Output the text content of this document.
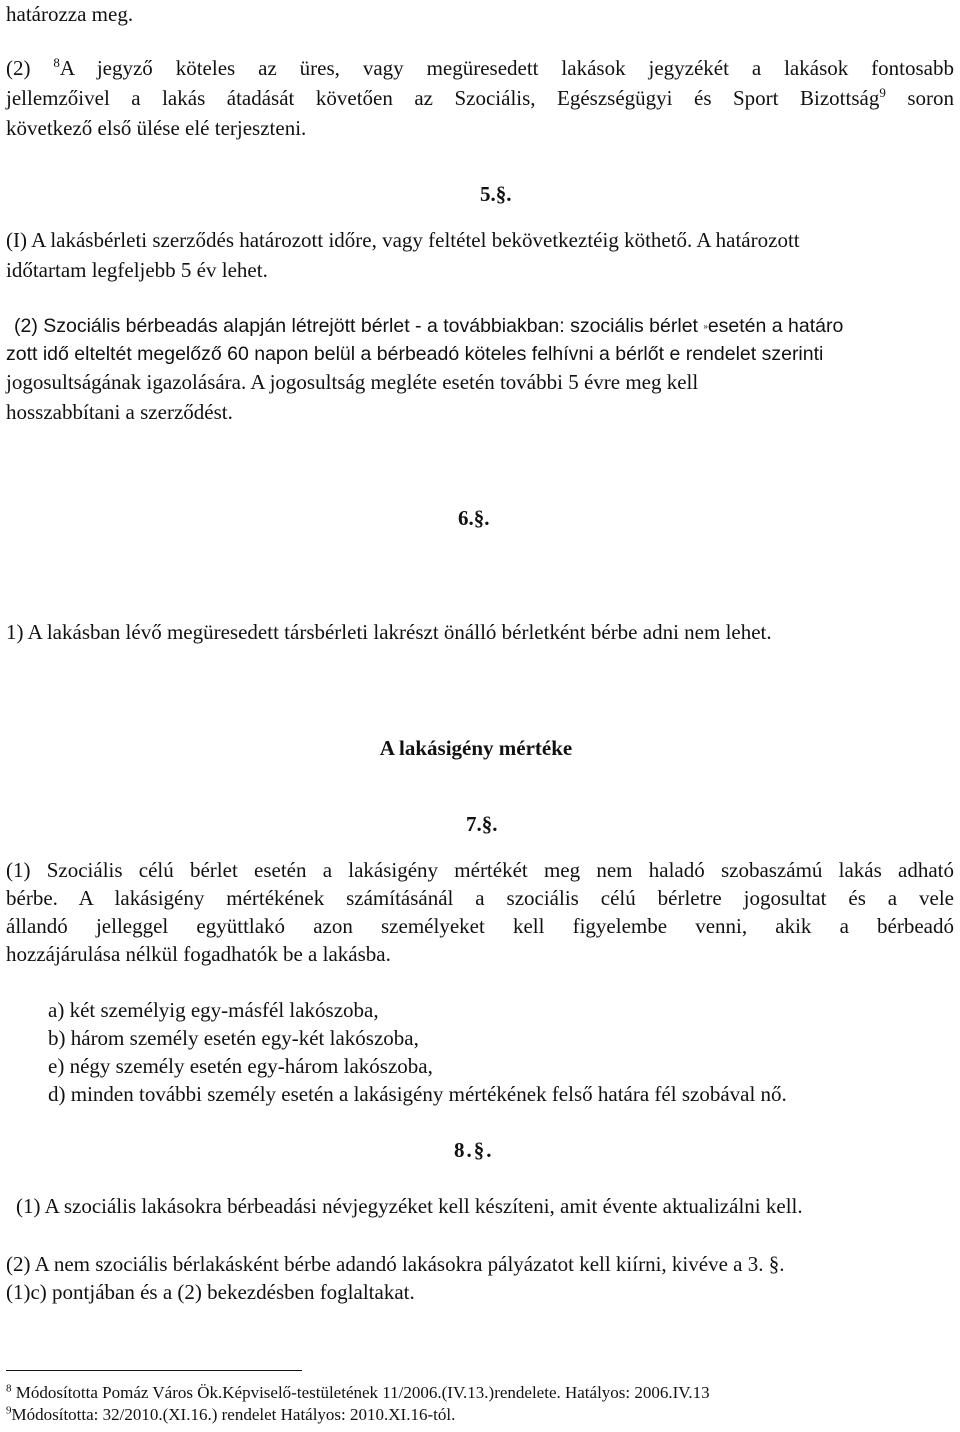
határozza meg.

(2) $^8$A jegyző köteles az üres, vagy megüresedett lakások jegyzékét a lakások fontosabb

jellemzőivel a lakás átadását követően az Szociális, Egészségügyi és Sport Bizottság$^9$ soron

következő első ülése elé terjeszteni.

5.§.

(I) A lakásbérleti szerződés határozott időre, vagy feltétel bekövetkeztéig köthető. A határozott

időtartam legfeljebb 5 év lehet.

(2) Szociális bérbeadás alapján létrejött bérlet - a továbbiakban: szociális bérlet »esetén a határo

zott idő elteltét megelőző 60 napon belül a bérbeadó köteles felhívni a bérlőt e rendelet szerinti

jogosultságának igazolására. A jogosultság megléte esetén további 5 évre meg kell

hosszabbítani a szerződést.

6.§.

1) A lakásban lévő megüresedett társbérleti lakrészt önálló bérletként bérbe adni nem lehet.

A lakásigény mértéke

7.§.

(1) Szociális célú bérlet esetén a lakásigény mértékét meg nem haladó szobaszámú lakás adható

bérbe. A lakásigény mértékének számításánál a szociális célú bérletre jogosultat és a vele

állandó jelleggel együttlakó azon személyeket kell figyelembe venni, akik a bérbeadó

hozzájárulása nélkül fogadhatók be a lakásba.

a) két személyig egy-másfél lakószoba,
b) három személy esetén egy-két lakószoba,
e) négy személy esetén egy-három lakószoba,
d) minden további személy esetén a lakásigény mértékének felső határa fél szobával nő.

8.§.

(1) A szociális lakásokra bérbeadási névjegyzéket kell készíteni, amit évente aktualizálni kell.

(2) A nem szociális bérlakásként bérbe adandó lakásokra pályázatot kell kiírni, kivéve a 3. §.

(1)c) pontjában és a (2) bekezdésben foglaltakat.

$^8$ Módosította Pomáz Város Ök.Képviselő-testületének 11/2006.(IV.13.)rendelete. Hatályos: 2006.IV.13
$^9$Módosította: 32/2010.(XI.16.) rendelet Hatályos: 2010.XI.16-tól.
